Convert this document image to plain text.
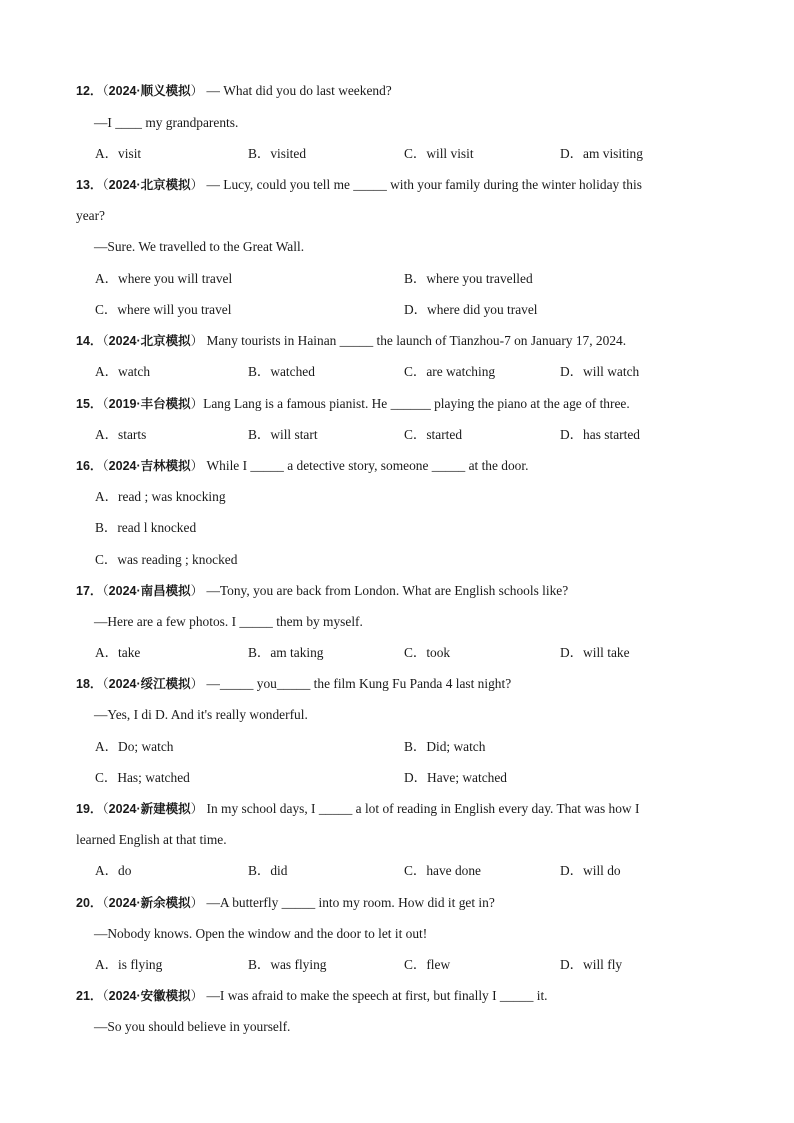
12．（2024·顺义模拟） — What did you do last weekend?
—I ____ my grandparents.
A．visit	B．visited	C．will visit	D．am visiting
13．（2024·北京模拟） — Lucy, could you tell me _____ with your family during the winter holiday this
year?
—Sure. We travelled to the Great Wall.
A．where you will travel	B．where you travelled
C．where will you travel	D．where did you travel
14．（2024·北京模拟） Many tourists in Hainan _____ the launch of Tianzhou-7 on January 17, 2024.
A．watch	B．watched	C．are watching	D．will watch
15．（2019·丰台模拟）Lang Lang is a famous pianist. He ______ playing the piano at the age of three.
A．starts	B．will start	C．started	D．has started
16．（2024·吉林模拟） While I _____ a detective story, someone _____ at the door.
A．read ; was knocking
B．read l knocked
C．was reading ; knocked
17．（2024·南昌模拟） —Tony, you are back from London. What are English schools like?
—Here are a few photos. I _____ them by myself.
A．take	B．am taking	C．took	D．will take
18．（2024·绥江模拟） —_____ you_____ the film Kung Fu Panda 4 last night?
—Yes, I di D. And it's really wonderful.
A．Do; watch	B．Did; watch
C．Has; watched	D．Have; watched
19．（2024·新建模拟） In my school days, I _____ a lot of reading in English every day. That was how I
learned English at that time.
A．do	B．did	C．have done	D．will do
20．（2024·新余模拟） —A butterfly _____ into my room. How did it get in?
—Nobody knows. Open the window and the door to let it out!
A．is flying	B．was flying	C．flew	D．will fly
21．（2024·安徽模拟） —I was afraid to make the speech at first, but finally I _____ it.
—So you should believe in yourself.
